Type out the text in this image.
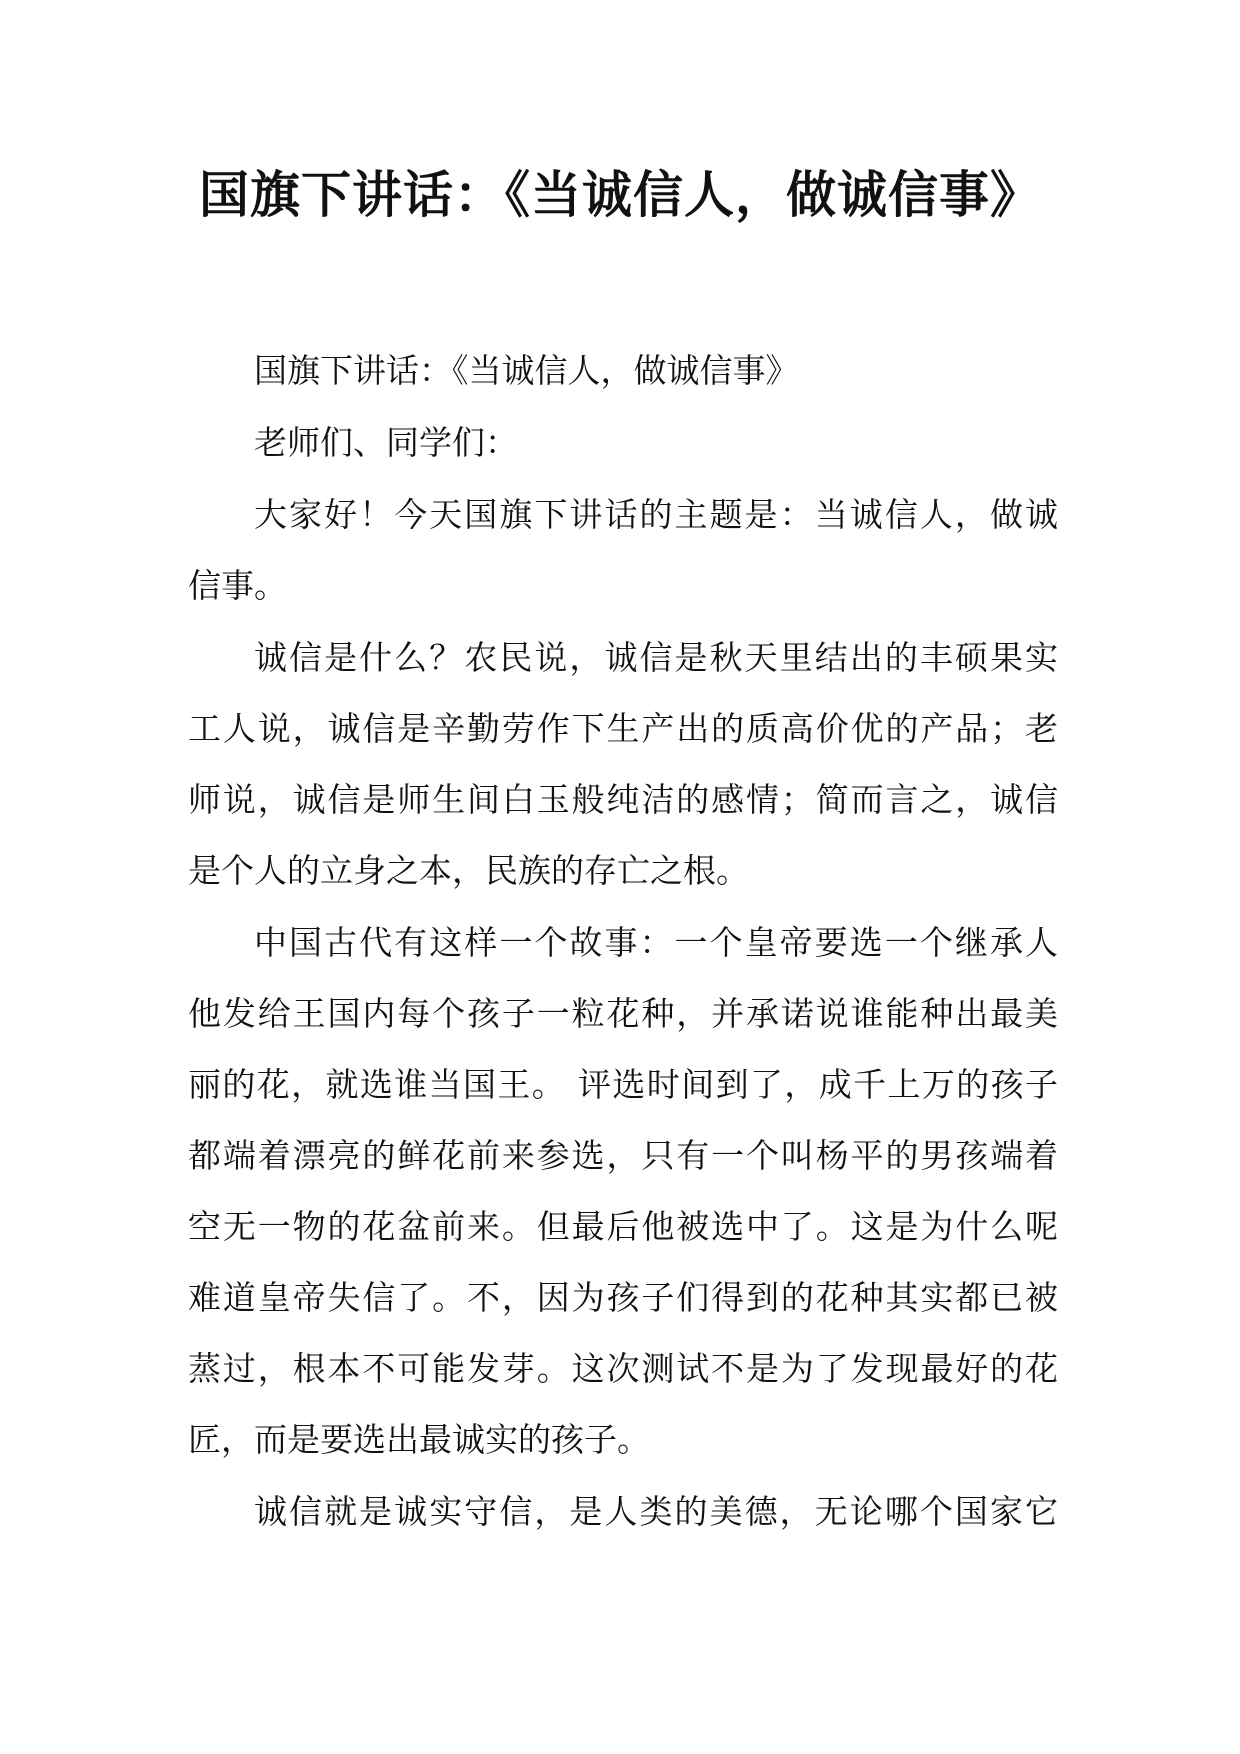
国旗下讲话：《当诚信人，做诚信事》

国旗下讲话：《当诚信人，做诚信事》

老师们、同学们：

大家好！今天国旗下讲话的主题是：当诚信人，做诚
信事。

诚信是什么？农民说，诚信是秋天里结出的丰硕果实
工人说，诚信是辛勤劳作下生产出的质高价优的产品；老
师说，诚信是师生间白玉般纯洁的感情；简而言之，诚信
是个人的立身之本，民族的存亡之根。

中国古代有这样一个故事：一个皇帝要选一个继承人
他发给王国内每个孩子一粒花种，并承诺说谁能种出最美
丽的花，就选谁当国王。 评选时间到了，成千上万的孩子
都端着漂亮的鲜花前来参选，只有一个叫杨平的男孩端着
空无一物的花盆前来。但最后他被选中了。这是为什么呢
难道皇帝失信了。不，因为孩子们得到的花种其实都已被
蒸过，根本不可能发芽。这次测试不是为了发现最好的花
匠，而是要选出最诚实的孩子。

诚信就是诚实守信，是人类的美德，无论哪个国家它
